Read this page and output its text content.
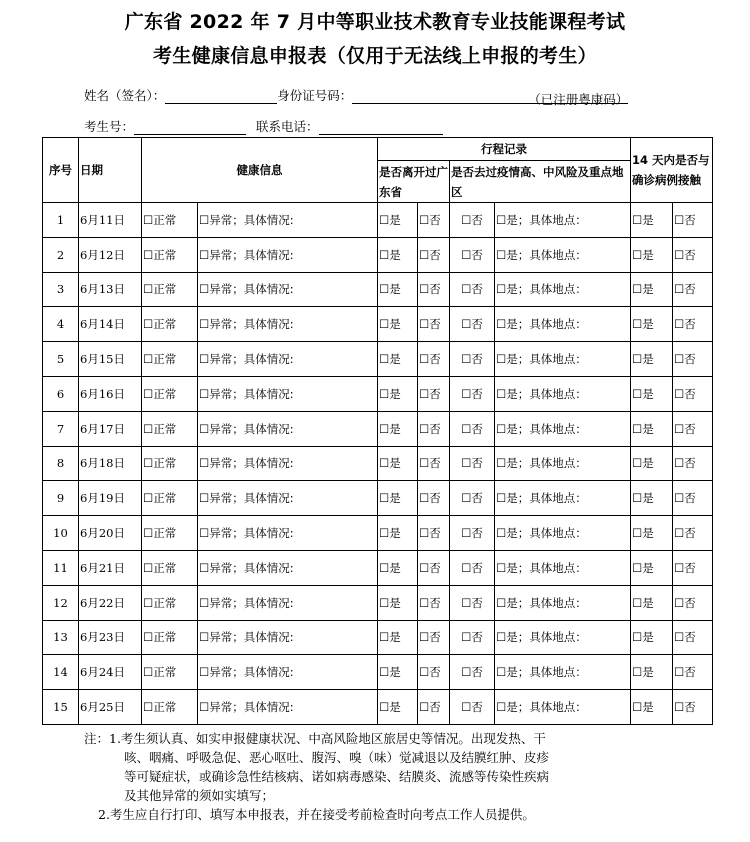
广东省 2022 年 7 月中等职业技术教育专业技能课程考试
考生健康信息申报表（仅用于无法线上申报的考生）
姓名（签名）：	身份证号码：	（已注册粤康码）
考生号：	联系电话：
序号	日期	健康信息		行程记录				14 天内是否与确诊病例接触	
				是否离开过广东省		是否去过疫情高、中风险及重点地区			
1	6月11日	☐正常	☐异常；具体情况:	☐是	☐否	☐否	☐是；具体地点：	☐是	☐否
2	6月12日	☐正常	☐异常；具体情况:	☐是	☐否	☐否	☐是；具体地点：	☐是	☐否
3	6月13日	☐正常	☐异常；具体情况:	☐是	☐否	☐否	☐是；具体地点：	☐是	☐否
4	6月14日	☐正常	☐异常；具体情况:	☐是	☐否	☐否	☐是；具体地点：	☐是	☐否
5	6月15日	☐正常	☐异常；具体情况:	☐是	☐否	☐否	☐是；具体地点：	☐是	☐否
6	6月16日	☐正常	☐异常；具体情况:	☐是	☐否	☐否	☐是；具体地点：	☐是	☐否
7	6月17日	☐正常	☐异常；具体情况:	☐是	☐否	☐否	☐是；具体地点：	☐是	☐否
8	6月18日	☐正常	☐异常；具体情况:	☐是	☐否	☐否	☐是；具体地点：	☐是	☐否
9	6月19日	☐正常	☐异常；具体情况:	☐是	☐否	☐否	☐是；具体地点：	☐是	☐否
10	6月20日	☐正常	☐异常；具体情况:	☐是	☐否	☐否	☐是；具体地点：	☐是	☐否
11	6月21日	☐正常	☐异常；具体情况:	☐是	☐否	☐否	☐是；具体地点：	☐是	☐否
12	6月22日	☐正常	☐异常；具体情况:	☐是	☐否	☐否	☐是；具体地点：	☐是	☐否
13	6月23日	☐正常	☐异常；具体情况:	☐是	☐否	☐否	☐是；具体地点：	☐是	☐否
14	6月24日	☐正常	☐异常；具体情况:	☐是	☐否	☐否	☐是；具体地点：	☐是	☐否
15	6月25日	☐正常	☐异常；具体情况:	☐是	☐否	☐否	☐是；具体地点：	☐是	☐否

注：1.考生须认真、如实申报健康状况、中高风险地区旅居史等情况。出现发热、干

咳、咽痛、呼吸急促、恶心呕吐、腹泻、嗅（味）觉减退以及结膜红肿、皮疹

等可疑症状，或确诊急性结核病、诺如病毒感染、结膜炎、流感等传染性疾病

及其他异常的须如实填写；

2.考生应自行打印、填写本申报表，并在接受考前检查时向考点工作人员提供。
